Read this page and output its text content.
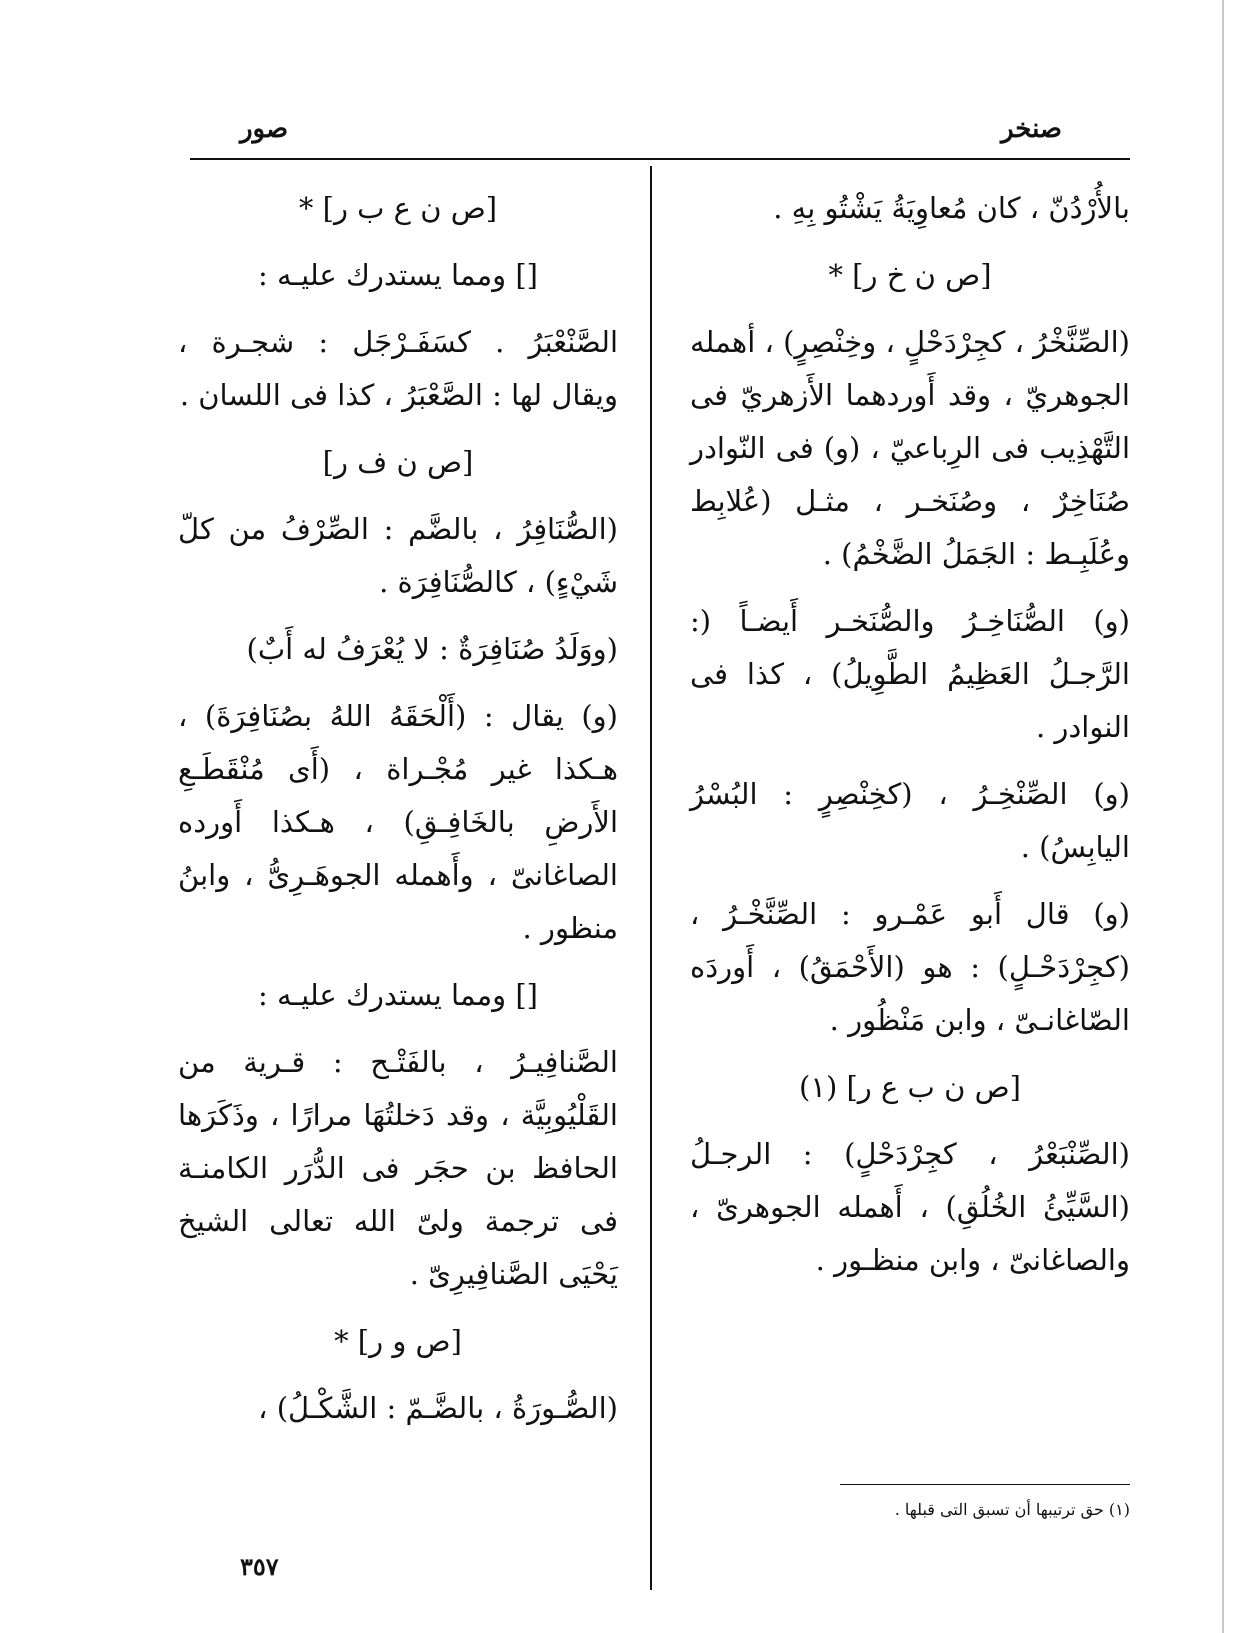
صنخر
صور

بالأُرْدُنّ ، كان مُعاوِيَةُ يَشْتُو بِهِ .

[ص ن خ ر] *

(الصِّنَّخْرُ ، كجِرْدَحْلٍ ، وخِنْصِرٍ) ، أهمله الجوهريّ ، وقد أَوردهما الأَزهريّ فى التَّهْذِيب فى الرِباعيّ ، (و) فى النّوادر صُنَاخِرٌ ، وصُنَخـر ، مثـل (عُلابِط وعُلَبِـط : الجَمَلُ الضَّخْمُ) .

(و) الصُّنَاخِـرُ والصُّنَخـر أَيضـاً (: الرَّجـلُ العَظِيمُ الطَّوِيلُ) ، كذا فى النوادر .

(و) الصِّنْخِـرُ ، (كخِنْصِرٍ : البُسْرُ اليابِسُ) .

(و) قال أَبو عَمْـرو : الصِّنَّخْـرُ ، (كجِرْدَحْـلٍ) : هو (الأَحْمَقُ) ، أَوردَه الصّاغانـىّ ، وابن مَنْظُور .

[ص ن ب ع ر] (١)

(الصِّنْبَعْرُ ، كجِرْدَحْلٍ) : الرجـلُ (السَّيِّئُ الخُلُقِ) ، أَهمله الجوهرىّ ، والصاغانىّ ، وابن منظـور .

[ص ن ع ب ر] *

[] ومما يستدرك عليـه :

الصَّنْعْبَرُ . كسَفَـرْجَل : شجـرة ، ويقال لها : الصَّعْبَرُ ، كذا فى اللسان .

[ص ن ف ر]

(الصُّنَافِرُ ، بالضَّم : الصِّرْفُ من كلّ شَيْءٍ) ، كالصُّنَافِرَة .

(ووَلَدُ صُنَافِرَةٌ : لا يُعْرَفُ له أَبٌ)

(و) يقال : (أَلْحَقَهُ اللهُ بصُنَافِرَةَ) ، هـكذا غير مُجْـراة ، (أَى مُنْقَطَـعِ الأَرضِ بالخَافِـقِ) ، هـكذا أَورده الصاغانىّ ، وأَهمله الجوهَـرِىُّ ، وابنُ منظور .

[] ومما يستدرك عليـه :

الصَّنافِيـرُ ، بالفَتْـح : قـرية من القَلْيُوبِيَّة ، وقد دَخلتُهَا مرارًا ، وذَكَرَها الحافظ بن حجَر فى الدُّرَر الكامنـة فى ترجمة ولىّ الله تعالى الشيخ يَحْيَى الصَّنافِيرِىّ .

[ص و ر] *

(الصُّـورَةُ ، بالضَّـمّ : الشَّكْـلُ) ،

(١) حق ترتيبها أن تسبق التى قبلها .
٣٥٧
